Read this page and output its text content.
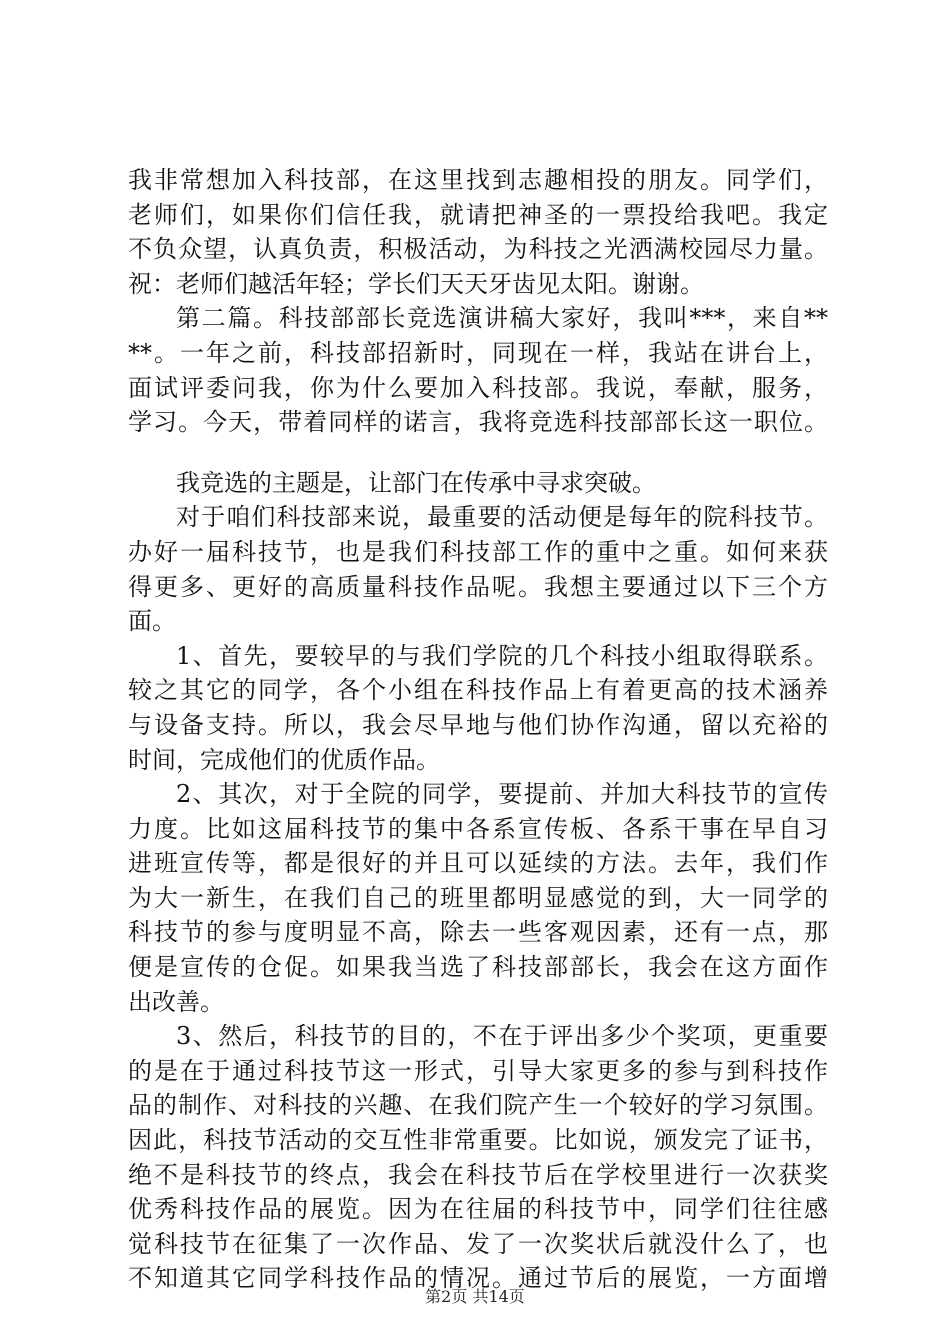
我非常想加入科技部，在这里找到志趣相投的朋友。同学们，
老师们，如果你们信任我，就请把神圣的一票投给我吧。我定
不负众望，认真负责，积极活动，为科技之光洒满校园尽力量。
祝：老师们越活年轻；学长们天天牙齿见太阳。谢谢。
第二篇。科技部部长竞选演讲稿大家好，我叫***，来自**
**。一年之前，科技部招新时，同现在一样，我站在讲台上，
面试评委问我，你为什么要加入科技部。我说，奉献，服务，
学习。今天，带着同样的诺言，我将竞选科技部部长这一职位。
我竞选的主题是，让部门在传承中寻求突破。
对于咱们科技部来说，最重要的活动便是每年的院科技节。
办好一届科技节，也是我们科技部工作的重中之重。如何来获
得更多、更好的高质量科技作品呢。我想主要通过以下三个方
面。
1、首先，要较早的与我们学院的几个科技小组取得联系。
较之其它的同学，各个小组在科技作品上有着更高的技术涵养
与设备支持。所以，我会尽早地与他们协作沟通，留以充裕的
时间，完成他们的优质作品。
2、其次，对于全院的同学，要提前、并加大科技节的宣传
力度。比如这届科技节的集中各系宣传板、各系干事在早自习
进班宣传等，都是很好的并且可以延续的方法。去年，我们作
为大一新生，在我们自己的班里都明显感觉的到，大一同学的
科技节的参与度明显不高，除去一些客观因素，还有一点，那
便是宣传的仓促。如果我当选了科技部部长，我会在这方面作
出改善。
3、然后，科技节的目的，不在于评出多少个奖项，更重要
的是在于通过科技节这一形式，引导大家更多的参与到科技作
品的制作、对科技的兴趣、在我们院产生一个较好的学习氛围。
因此，科技节活动的交互性非常重要。比如说，颁发完了证书，
绝不是科技节的终点，我会在科技节后在学校里进行一次获奖
优秀科技作品的展览。因为在往届的科技节中，同学们往往感
觉科技节在征集了一次作品、发了一次奖状后就没什么了，也
不知道其它同学科技作品的情况。通过节后的展览，一方面增
第2页 共14页
